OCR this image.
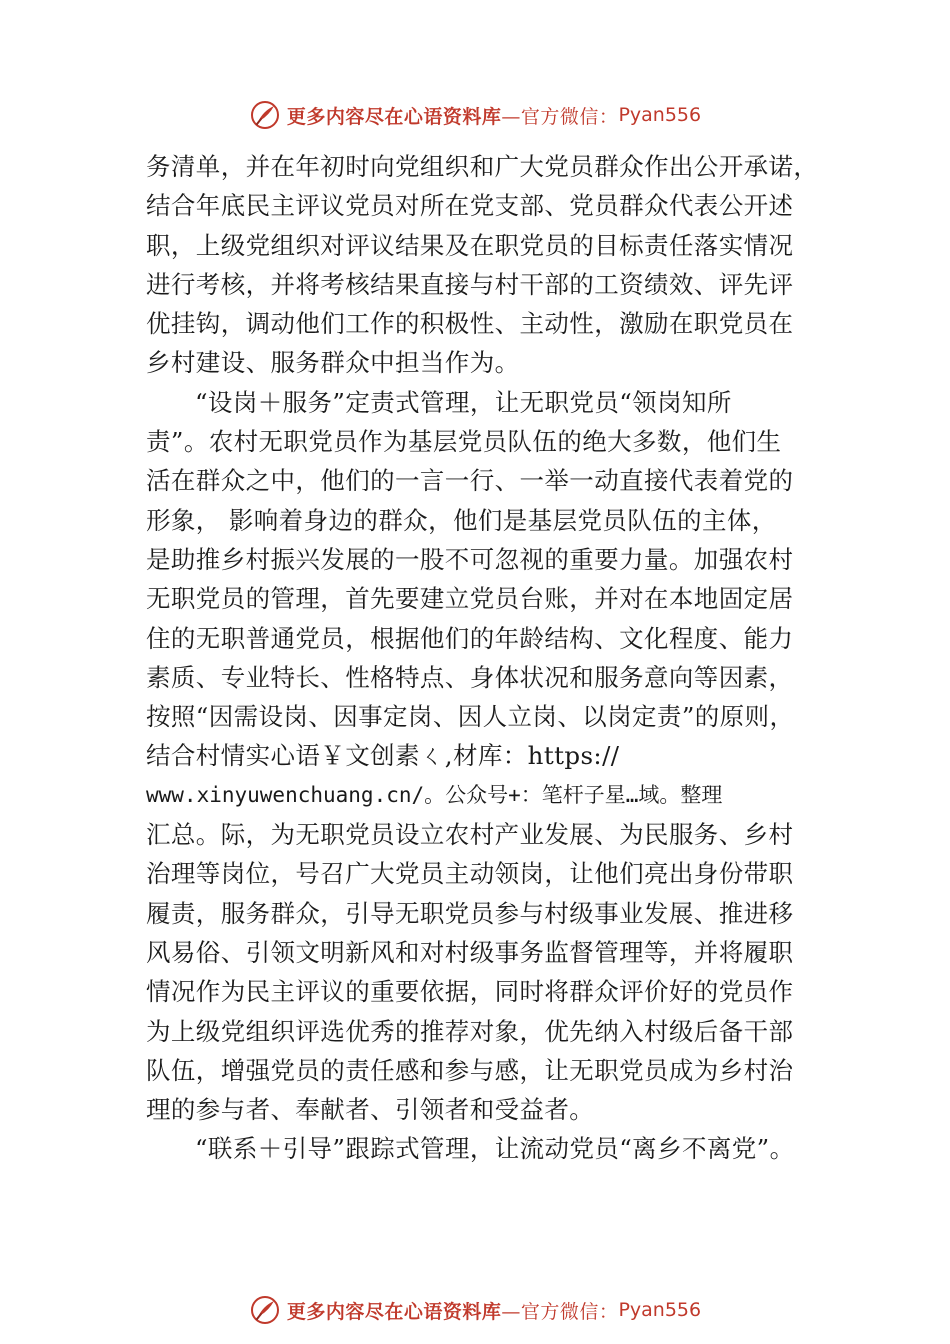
更多内容尽在心语资料库 —官方微信： Pyan556
务清单，并在年初时向党组织和广大党员群众作出公开承诺，
结合年底民主评议党员对所在党支部、党员群众代表公开述
职，上级党组织对评议结果及在职党员的目标责任落实情况
进行考核，并将考核结果直接与村干部的工资绩效、评先评
优挂钩，调动他们工作的积极性、主动性，激励在职党员在
乡村建设、服务群众中担当作为。
“设岗＋服务”定责式管理，让无职党员“领岗知所
责”。农村无职党员作为基层党员队伍的绝大多数，他们生
活在群众之中，他们的一言一行、一举一动直接代表着党的
形象， 影响着身边的群众，他们是基层党员队伍的主体，
是助推乡村振兴发展的一股不可忽视的重要力量。加强农村
无职党员的管理，首先要建立党员台账，并对在本地固定居
住的无职普通党员，根据他们的年龄结构、文化程度、能力
素质、专业特长、性格特点、身体状况和服务意向等因素，
按照“因需设岗、因事定岗、因人立岗、以岗定责”的原则，
结合村情实心语￥文创素ㄑ,材库：https://
www.xinyuwenchuang.cn/。公众号+：笔杆子星…域。整理
汇总。际，为无职党员设立农村产业发展、为民服务、乡村
治理等岗位，号召广大党员主动领岗，让他们亮出身份带职
履责，服务群众，引导无职党员参与村级事业发展、推进移
风易俗、引领文明新风和对村级事务监督管理等，并将履职
情况作为民主评议的重要依据，同时将群众评价好的党员作
为上级党组织评选优秀的推荐对象，优先纳入村级后备干部
队伍，增强党员的责任感和参与感，让无职党员成为乡村治
理的参与者、奉献者、引领者和受益者。
“联系＋引导”跟踪式管理，让流动党员“离乡不离党”。
更多内容尽在心语资料库 —官方微信： Pyan556
